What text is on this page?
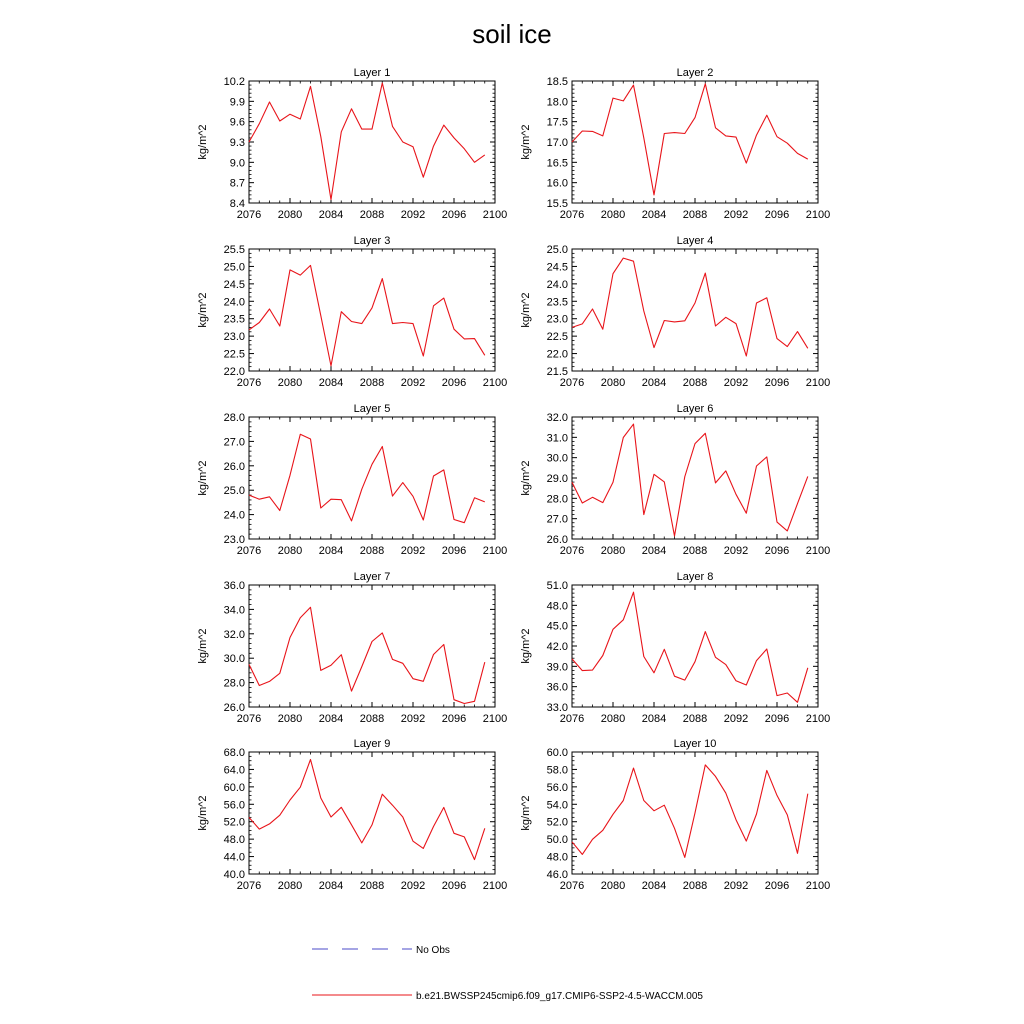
soil ice
Layer 1
kg/m^2
2076 2080 2084 2088 2092 2096 2100
8.4
8.7
9.0
9.3
9.6
9.9
10.2
Layer 2
kg/m^2
2076 2080 2084 2088 2092 2096 2100
15.5
16.0
16.5
17.0
17.5
18.0
18.5
Layer 3
kg/m^2
2076 2080 2084 2088 2092 2096 2100
22.0
22.5
23.0
23.5
24.0
24.5
25.0
25.5
Layer 4
kg/m^2
2076 2080 2084 2088 2092 2096 2100
21.5
22.0
22.5
23.0
23.5
24.0
24.5
25.0
Layer 5
kg/m^2
2076 2080 2084 2088 2092 2096 2100
23.0
24.0
25.0
26.0
27.0
28.0
Layer 6
kg/m^2
2076 2080 2084 2088 2092 2096 2100
26.0
27.0
28.0
29.0
30.0
31.0
32.0
Layer 7
kg/m^2
2076 2080 2084 2088 2092 2096 2100
26.0
28.0
30.0
32.0
34.0
36.0
Layer 8
kg/m^2
2076 2080 2084 2088 2092 2096 2100
33.0
36.0
39.0
42.0
45.0
48.0
51.0
Layer 9
kg/m^2
2076 2080 2084 2088 2092 2096 2100
40.0
44.0
48.0
52.0
56.0
60.0
64.0
68.0
Layer 10
kg/m^2
2076 2080 2084 2088 2092 2096 2100
46.0
48.0
50.0
52.0
54.0
56.0
58.0
60.0
No Obs
b.e21.BWSSP245cmip6.f09_g17.CMIP6-SSP2-4.5-WACCM.005
